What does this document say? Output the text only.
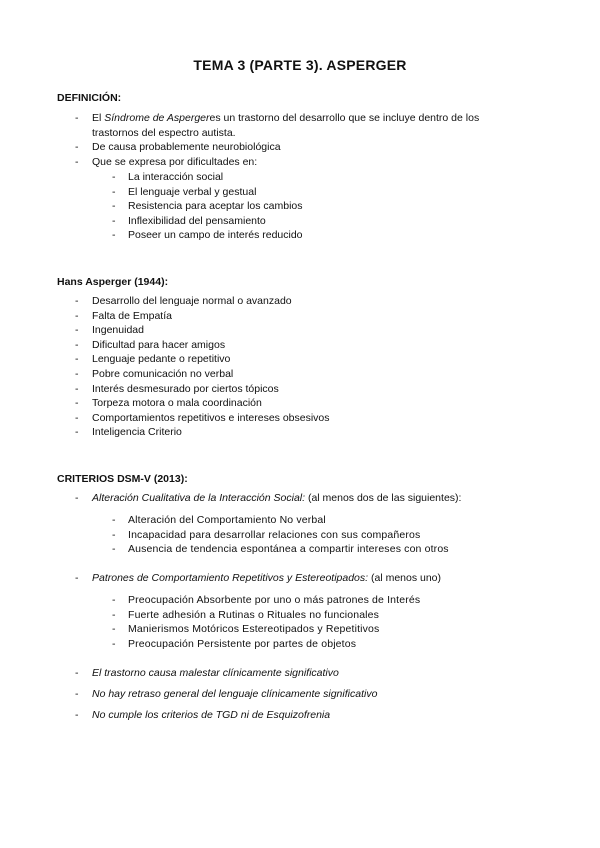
TEMA 3 (PARTE 3). ASPERGER
DEFINICIÓN:
- El Síndrome de Aspergeres un trastorno del desarrollo que se incluye dentro de los trastornos del espectro autista.
- De causa probablemente neurobiológica
- Que se expresa por dificultades en:
- La interacción social
- El lenguaje verbal y gestual
- Resistencia para aceptar los cambios
- Inflexibilidad del pensamiento
- Poseer un campo de interés reducido
Hans Asperger (1944):
- Desarrollo del lenguaje normal o avanzado
- Falta de Empatía
- Ingenuidad
- Dificultad para hacer amigos
- Lenguaje pedante o repetitivo
- Pobre comunicación no verbal
- Interés desmesurado por ciertos tópicos
- Torpeza motora o mala coordinación
- Comportamientos repetitivos e intereses obsesivos
- Inteligencia Criterio
CRITERIOS DSM-V (2013):
- Alteración Cualitativa de la Interacción Social: (al menos dos de las siguientes):
- Alteración del Comportamiento No verbal
- Incapacidad para desarrollar relaciones con sus compañeros
- Ausencia de tendencia espontánea a compartir intereses con otros
- Patrones de Comportamiento Repetitivos y Estereotipados: (al menos uno)
- Preocupación Absorbente por uno o más patrones de Interés
- Fuerte adhesión a Rutinas o Rituales no funcionales
- Manierismos Motóricos Estereotipados y Repetitivos
- Preocupación Persistente por partes de objetos
- El trastorno causa malestar clínicamente significativo
- No hay retraso general del lenguaje clínicamente significativo
- No cumple los criterios de TGD ni de Esquizofrenia
